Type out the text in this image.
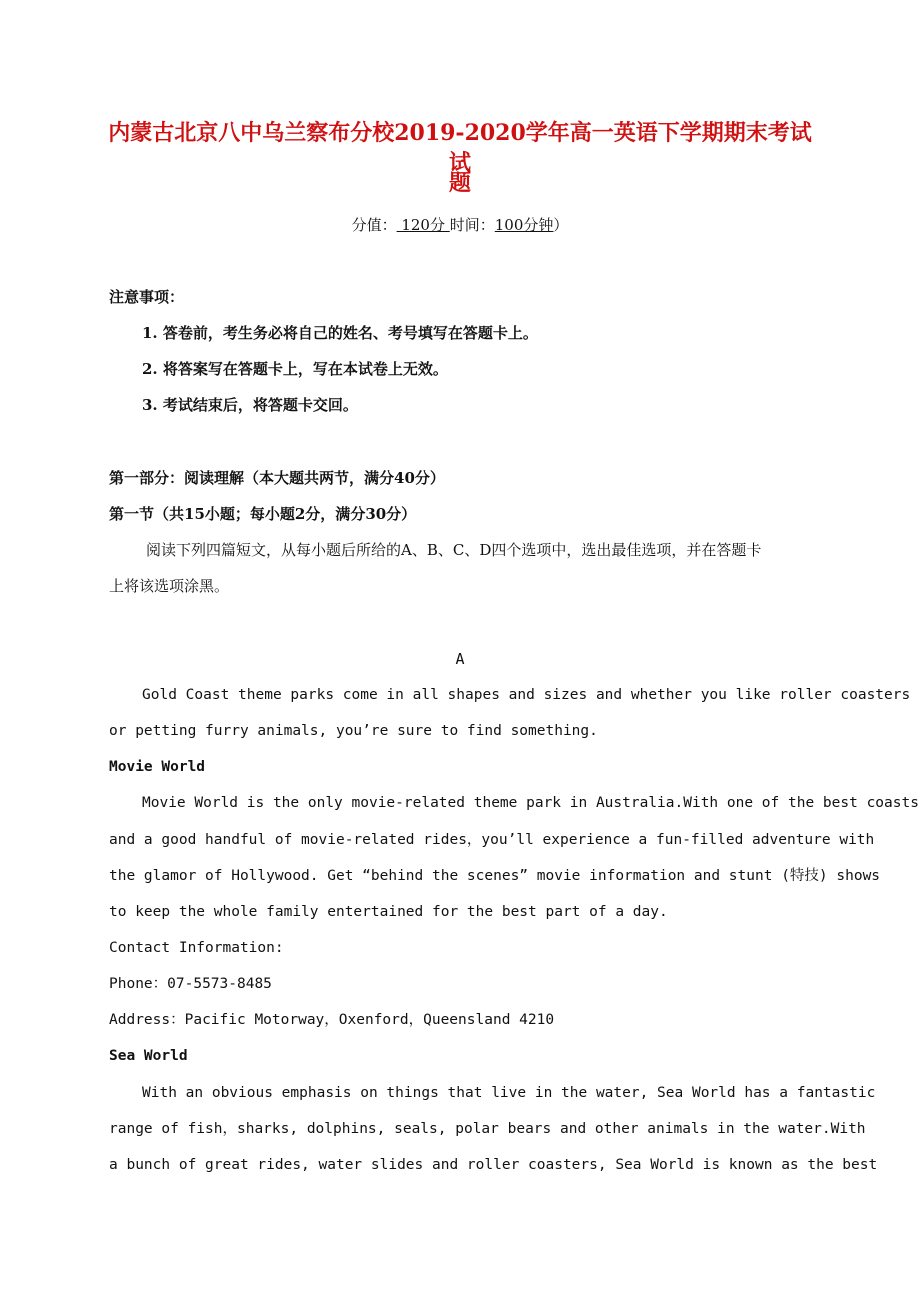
内蒙古北京八中乌兰察布分校2019-2020学年高一英语下学期期末考试试
题
分值： 120分 时间：100分钟）
注意事项：
1. 答卷前，考生务必将自己的姓名、考号填写在答题卡上。
2. 将答案写在答题卡上，写在本试卷上无效。
3. 考试结束后，将答题卡交回。
第一部分：阅读理解（本大题共两节，满分40分）
第一节（共15小题；每小题2分，满分30分）
阅读下列四篇短文，从每小题后所给的A、B、C、D四个选项中，选出最佳选项，并在答题卡
上将该选项涂黑。
A
Gold Coast theme parks come in all shapes and sizes and whether you like roller coasters
or petting furry animals, you’re sure to find something.
Movie World
Movie World is the only movie-related theme park in Australia.With one of the best coasts
and a good handful of movie-related rides，you’ll experience a fun-filled adventure with
the glamor of Hollywood. Get “behind the scenes” movie information and stunt (特技) shows
to keep the whole family entertained for the best part of a day.
Contact Information:
Phone：07-5573-8485
Address：Pacific Motorway，Oxenford，Queensland 4210
Sea World
With an obvious emphasis on things that live in the water, Sea World has a fantastic
range of fish，sharks, dolphins, seals, polar bears and other animals in the water.With
a bunch of great rides, water slides and roller coasters, Sea World is known as the best
